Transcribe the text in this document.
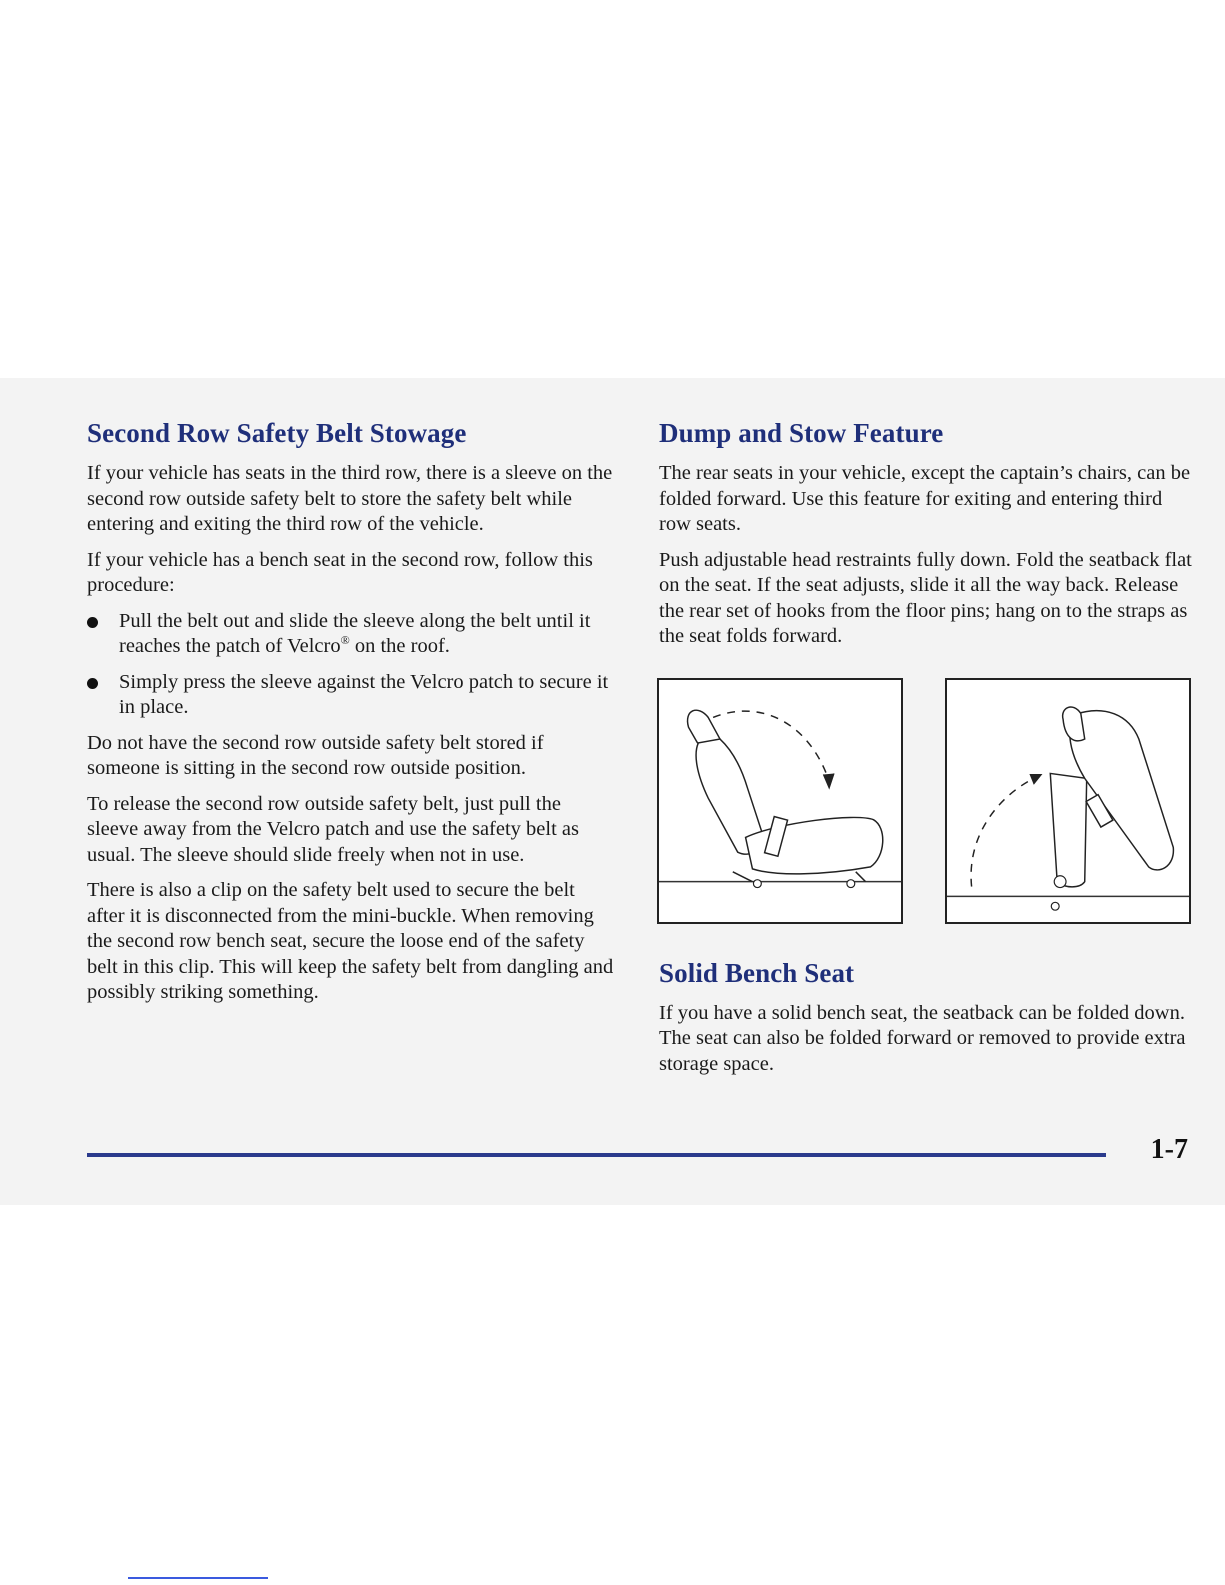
Second Row Safety Belt Stowage

If your vehicle has seats in the third row, there is a sleeve on the second row outside safety belt to store the safety belt while entering and exiting the third row of the vehicle.

If your vehicle has a bench seat in the second row, follow this procedure:

Pull the belt out and slide the sleeve along the belt until it reaches the patch of Velcro® on the roof.
Simply press the sleeve against the Velcro patch to secure it in place.

Do not have the second row outside safety belt stored if someone is sitting in the second row outside position.

To release the second row outside safety belt, just pull the sleeve away from the Velcro patch and use the safety belt as usual. The sleeve should slide freely when not in use.

There is also a clip on the safety belt used to secure the belt after it is disconnected from the mini-buckle. When removing the second row bench seat, secure the loose end of the safety belt in this clip. This will keep the safety belt from dangling and possibly striking something.

Dump and Stow Feature

The rear seats in your vehicle, except the captain’s chairs, can be folded forward. Use this feature for exiting and entering third row seats.

Push adjustable head restraints fully down. Fold the seatback flat on the seat. If the seat adjusts, slide it all the way back. Release the rear set of hooks from the floor pins; hang on to the straps as the seat folds forward.

Solid Bench Seat

If you have a solid bench seat, the seatback can be folded down. The seat can also be folded forward or removed to provide extra storage space.

1-7
